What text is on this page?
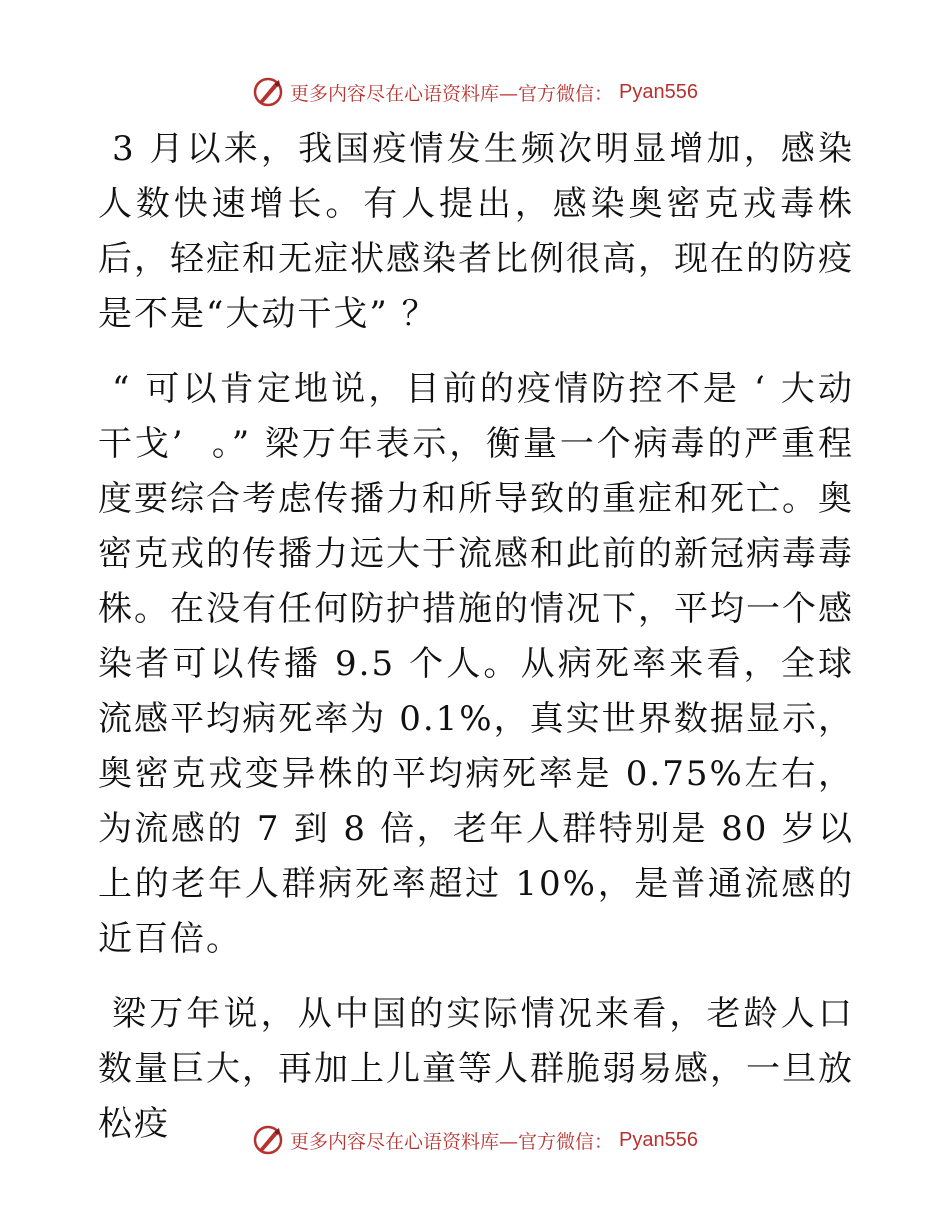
更多内容尽在心语资料库—官方微信： Pyan556

3 月以来，我国疫情发生频次明显增加，感染人数快速增长。有人提出，感染奥密克戎毒株后，轻症和无症状感染者比例很高，现在的防疫是不是“大动干戈” ？

“ 可以肯定地说，目前的疫情防控不是 ‘ 大动干戈’  。” 梁万年表示，衡量一个病毒的严重程度要综合考虑传播力和所导致的重症和死亡。奥密克戎的传播力远大于流感和此前的新冠病毒毒株。在没有任何防护措施的情况下，平均一个感染者可以传播 9.5 个人。从病死率来看，全球流感平均病死率为 0.1%，真实世界数据显示，奥密克戎变异株的平均病死率是 0.75%左右，为流感的 7 到 8 倍，老年人群特别是 80 岁以上的老年人群病死率超过 10%，是普通流感的近百倍。

梁万年说，从中国的实际情况来看，老龄人口数量巨大，再加上儿童等人群脆弱易感，一旦放松疫	更多内容尽在心语资料库—官方微信： Pyan556
